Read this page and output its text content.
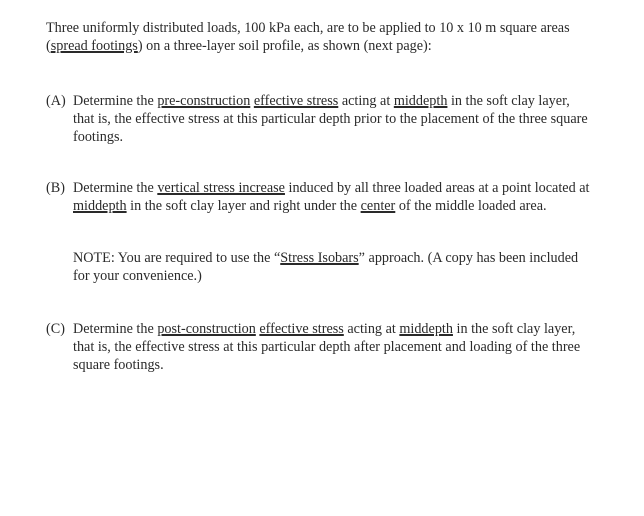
Three uniformly distributed loads, 100 kPa each, are to be applied to 10 x 10 m square areas (spread footings) on a three-layer soil profile, as shown (next page):

(A) Determine the pre-construction effective stress acting at middepth in the soft clay layer, that is, the effective stress at this particular depth prior to the placement of the three square footings.
(B) Determine the vertical stress increase induced by all three loaded areas at a point located at middepth in the soft clay layer and right under the center of the middle loaded area.
NOTE: You are required to use the “Stress Isobars” approach. (A copy has been included for your convenience.)
(C) Determine the post-construction effective stress acting at middepth in the soft clay layer, that is, the effective stress at this particular depth after placement and loading of the three square footings.
